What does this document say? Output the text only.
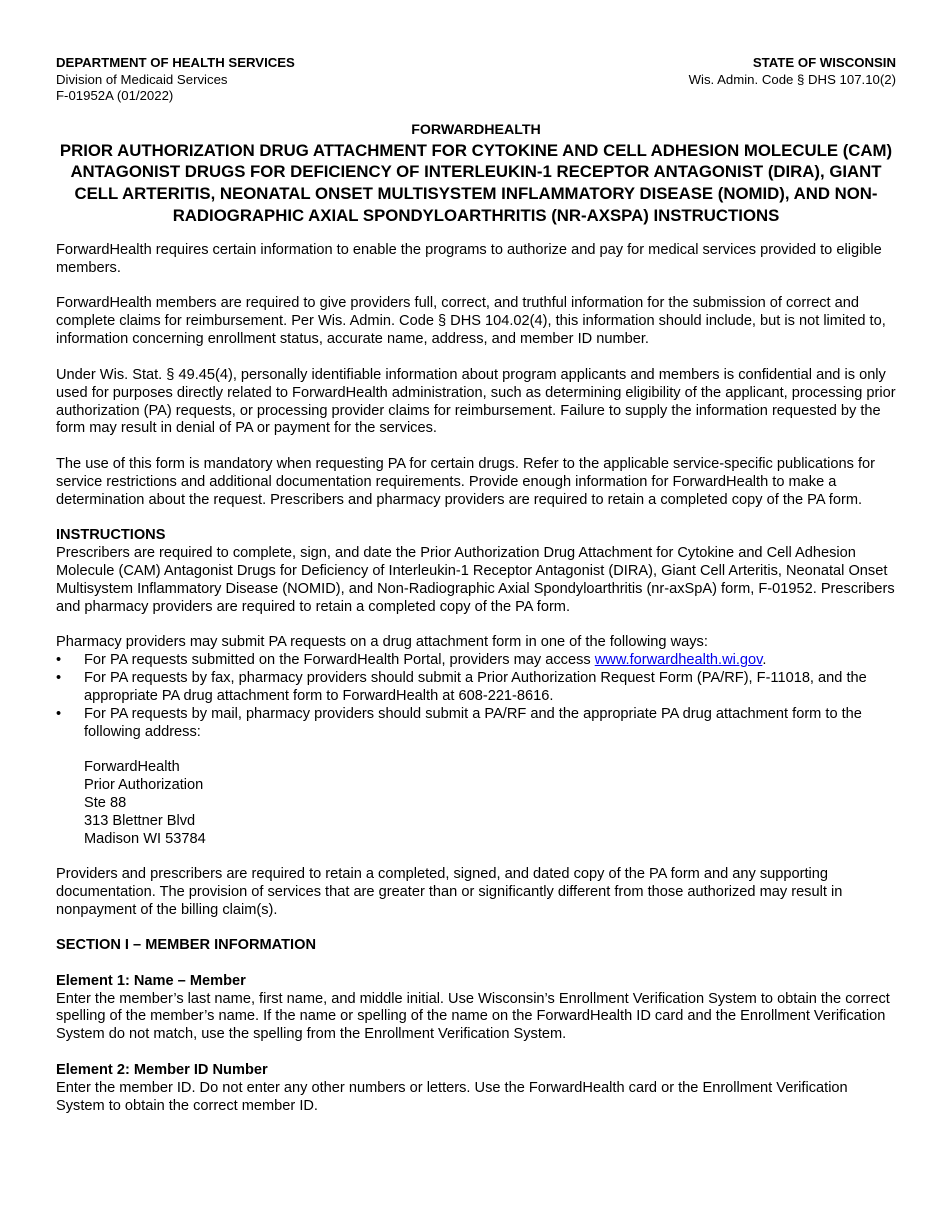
DEPARTMENT OF HEALTH SERVICES
Division of Medicaid Services
F-01952A (01/2022)
STATE OF WISCONSIN
Wis. Admin. Code § DHS 107.10(2)
FORWARDHEALTH
PRIOR AUTHORIZATION DRUG ATTACHMENT FOR CYTOKINE AND CELL ADHESION MOLECULE (CAM) ANTAGONIST DRUGS FOR DEFICIENCY OF INTERLEUKIN-1 RECEPTOR ANTAGONIST (DIRA), GIANT CELL ARTERITIS, NEONATAL ONSET MULTISYSTEM INFLAMMATORY DISEASE (NOMID), AND NON-RADIOGRAPHIC AXIAL SPONDYLOARTHRITIS (NR-AXSPA) INSTRUCTIONS

ForwardHealth requires certain information to enable the programs to authorize and pay for medical services provided to eligible members.

ForwardHealth members are required to give providers full, correct, and truthful information for the submission of correct and complete claims for reimbursement. Per Wis. Admin. Code § DHS 104.02(4), this information should include, but is not limited to, information concerning enrollment status, accurate name, address, and member ID number.

Under Wis. Stat. § 49.45(4), personally identifiable information about program applicants and members is confidential and is only used for purposes directly related to ForwardHealth administration, such as determining eligibility of the applicant, processing prior authorization (PA) requests, or processing provider claims for reimbursement. Failure to supply the information requested by the form may result in denial of PA or payment for the services.

The use of this form is mandatory when requesting PA for certain drugs. Refer to the applicable service-specific publications for service restrictions and additional documentation requirements. Provide enough information for ForwardHealth to make a determination about the request. Prescribers and pharmacy providers are required to retain a completed copy of the PA form.

INSTRUCTIONS

Prescribers are required to complete, sign, and date the Prior Authorization Drug Attachment for Cytokine and Cell Adhesion Molecule (CAM) Antagonist Drugs for Deficiency of Interleukin-1 Receptor Antagonist (DIRA), Giant Cell Arteritis, Neonatal Onset Multisystem Inflammatory Disease (NOMID), and Non-Radiographic Axial Spondyloarthritis (nr-axSpA) form, F-01952. Prescribers and pharmacy providers are required to retain a completed copy of the PA form.

Pharmacy providers may submit PA requests on a drug attachment form in one of the following ways:

• For PA requests submitted on the ForwardHealth Portal, providers may access www.forwardhealth.wi.gov.
• For PA requests by fax, pharmacy providers should submit a Prior Authorization Request Form (PA/RF), F-11018, and the appropriate PA drug attachment form to ForwardHealth at 608-221-8616.
• For PA requests by mail, pharmacy providers should submit a PA/RF and the appropriate PA drug attachment form to the following address:
ForwardHealth
Prior Authorization
Ste 88
313 Blettner Blvd
Madison WI 53784

Providers and prescribers are required to retain a completed, signed, and dated copy of the PA form and any supporting documentation. The provision of services that are greater than or significantly different from those authorized may result in nonpayment of the billing claim(s).

SECTION I – MEMBER INFORMATION
Element 1: Name – Member

Enter the member’s last name, first name, and middle initial. Use Wisconsin’s Enrollment Verification System to obtain the correct spelling of the member’s name. If the name or spelling of the name on the ForwardHealth ID card and the Enrollment Verification System do not match, use the spelling from the Enrollment Verification System.

Element 2: Member ID Number

Enter the member ID. Do not enter any other numbers or letters. Use the ForwardHealth card or the Enrollment Verification System to obtain the correct member ID.
